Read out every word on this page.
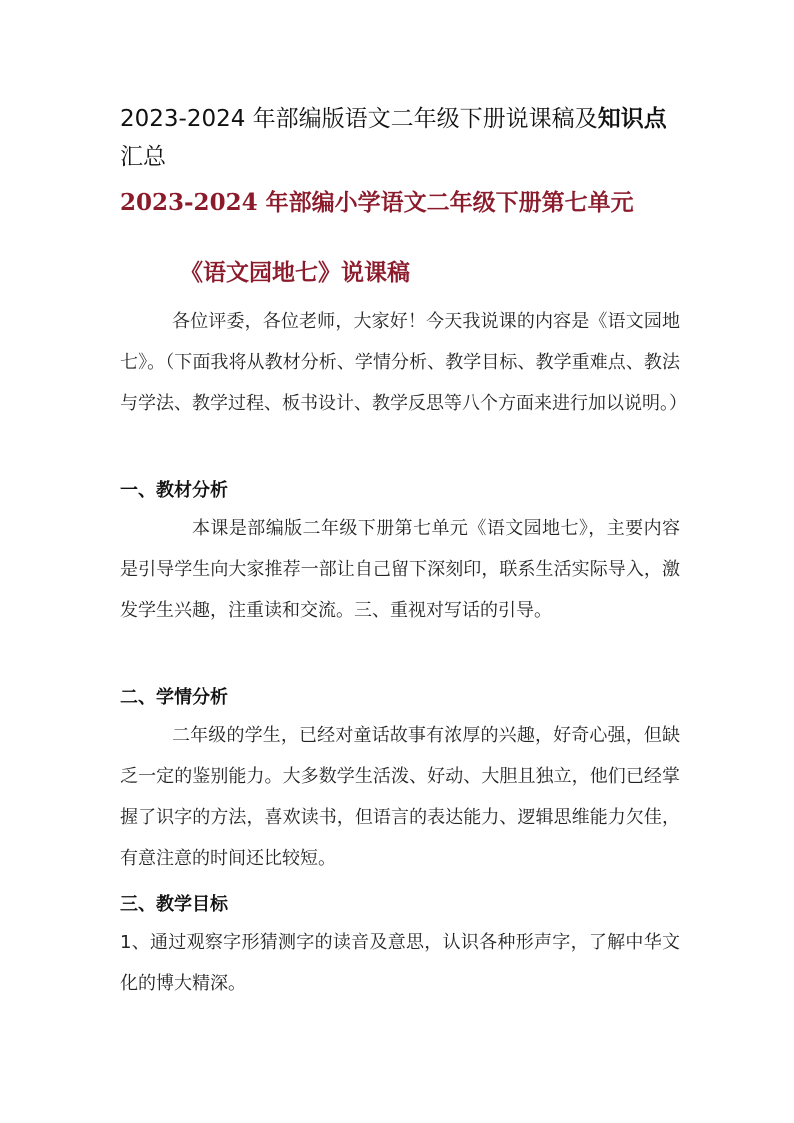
2023-2024 年部编版语文二年级下册说课稿及知识点
汇总
2023-2024 年部编小学语文二年级下册第七单元
《语文园地七》说课稿
各位评委，各位老师，大家好！今天我说课的内容是《语文园地七》。（下面我将从教材分析、学情分析、教学目标、教学重难点、教法与学法、教学过程、板书设计、教学反思等八个方面来进行加以说明。）
一、教材分析
本课是部编版二年级下册第七单元《语文园地七》，主要内容是引导学生向大家推荐一部让自己留下深刻印，联系生活实际导入，激发学生兴趣，注重读和交流。三、重视对写话的引导。
二、学情分析
二年级的学生，已经对童话故事有浓厚的兴趣，好奇心强，但缺乏一定的鉴别能力。大多数学生活泼、好动、大胆且独立，他们已经掌握了识字的方法，喜欢读书，但语言的表达能力、逻辑思维能力欠佳，有意注意的时间还比较短。
三、教学目标
1、通过观察字形猜测字的读音及意思，认识各种形声字，了解中华文化的博大精深。
